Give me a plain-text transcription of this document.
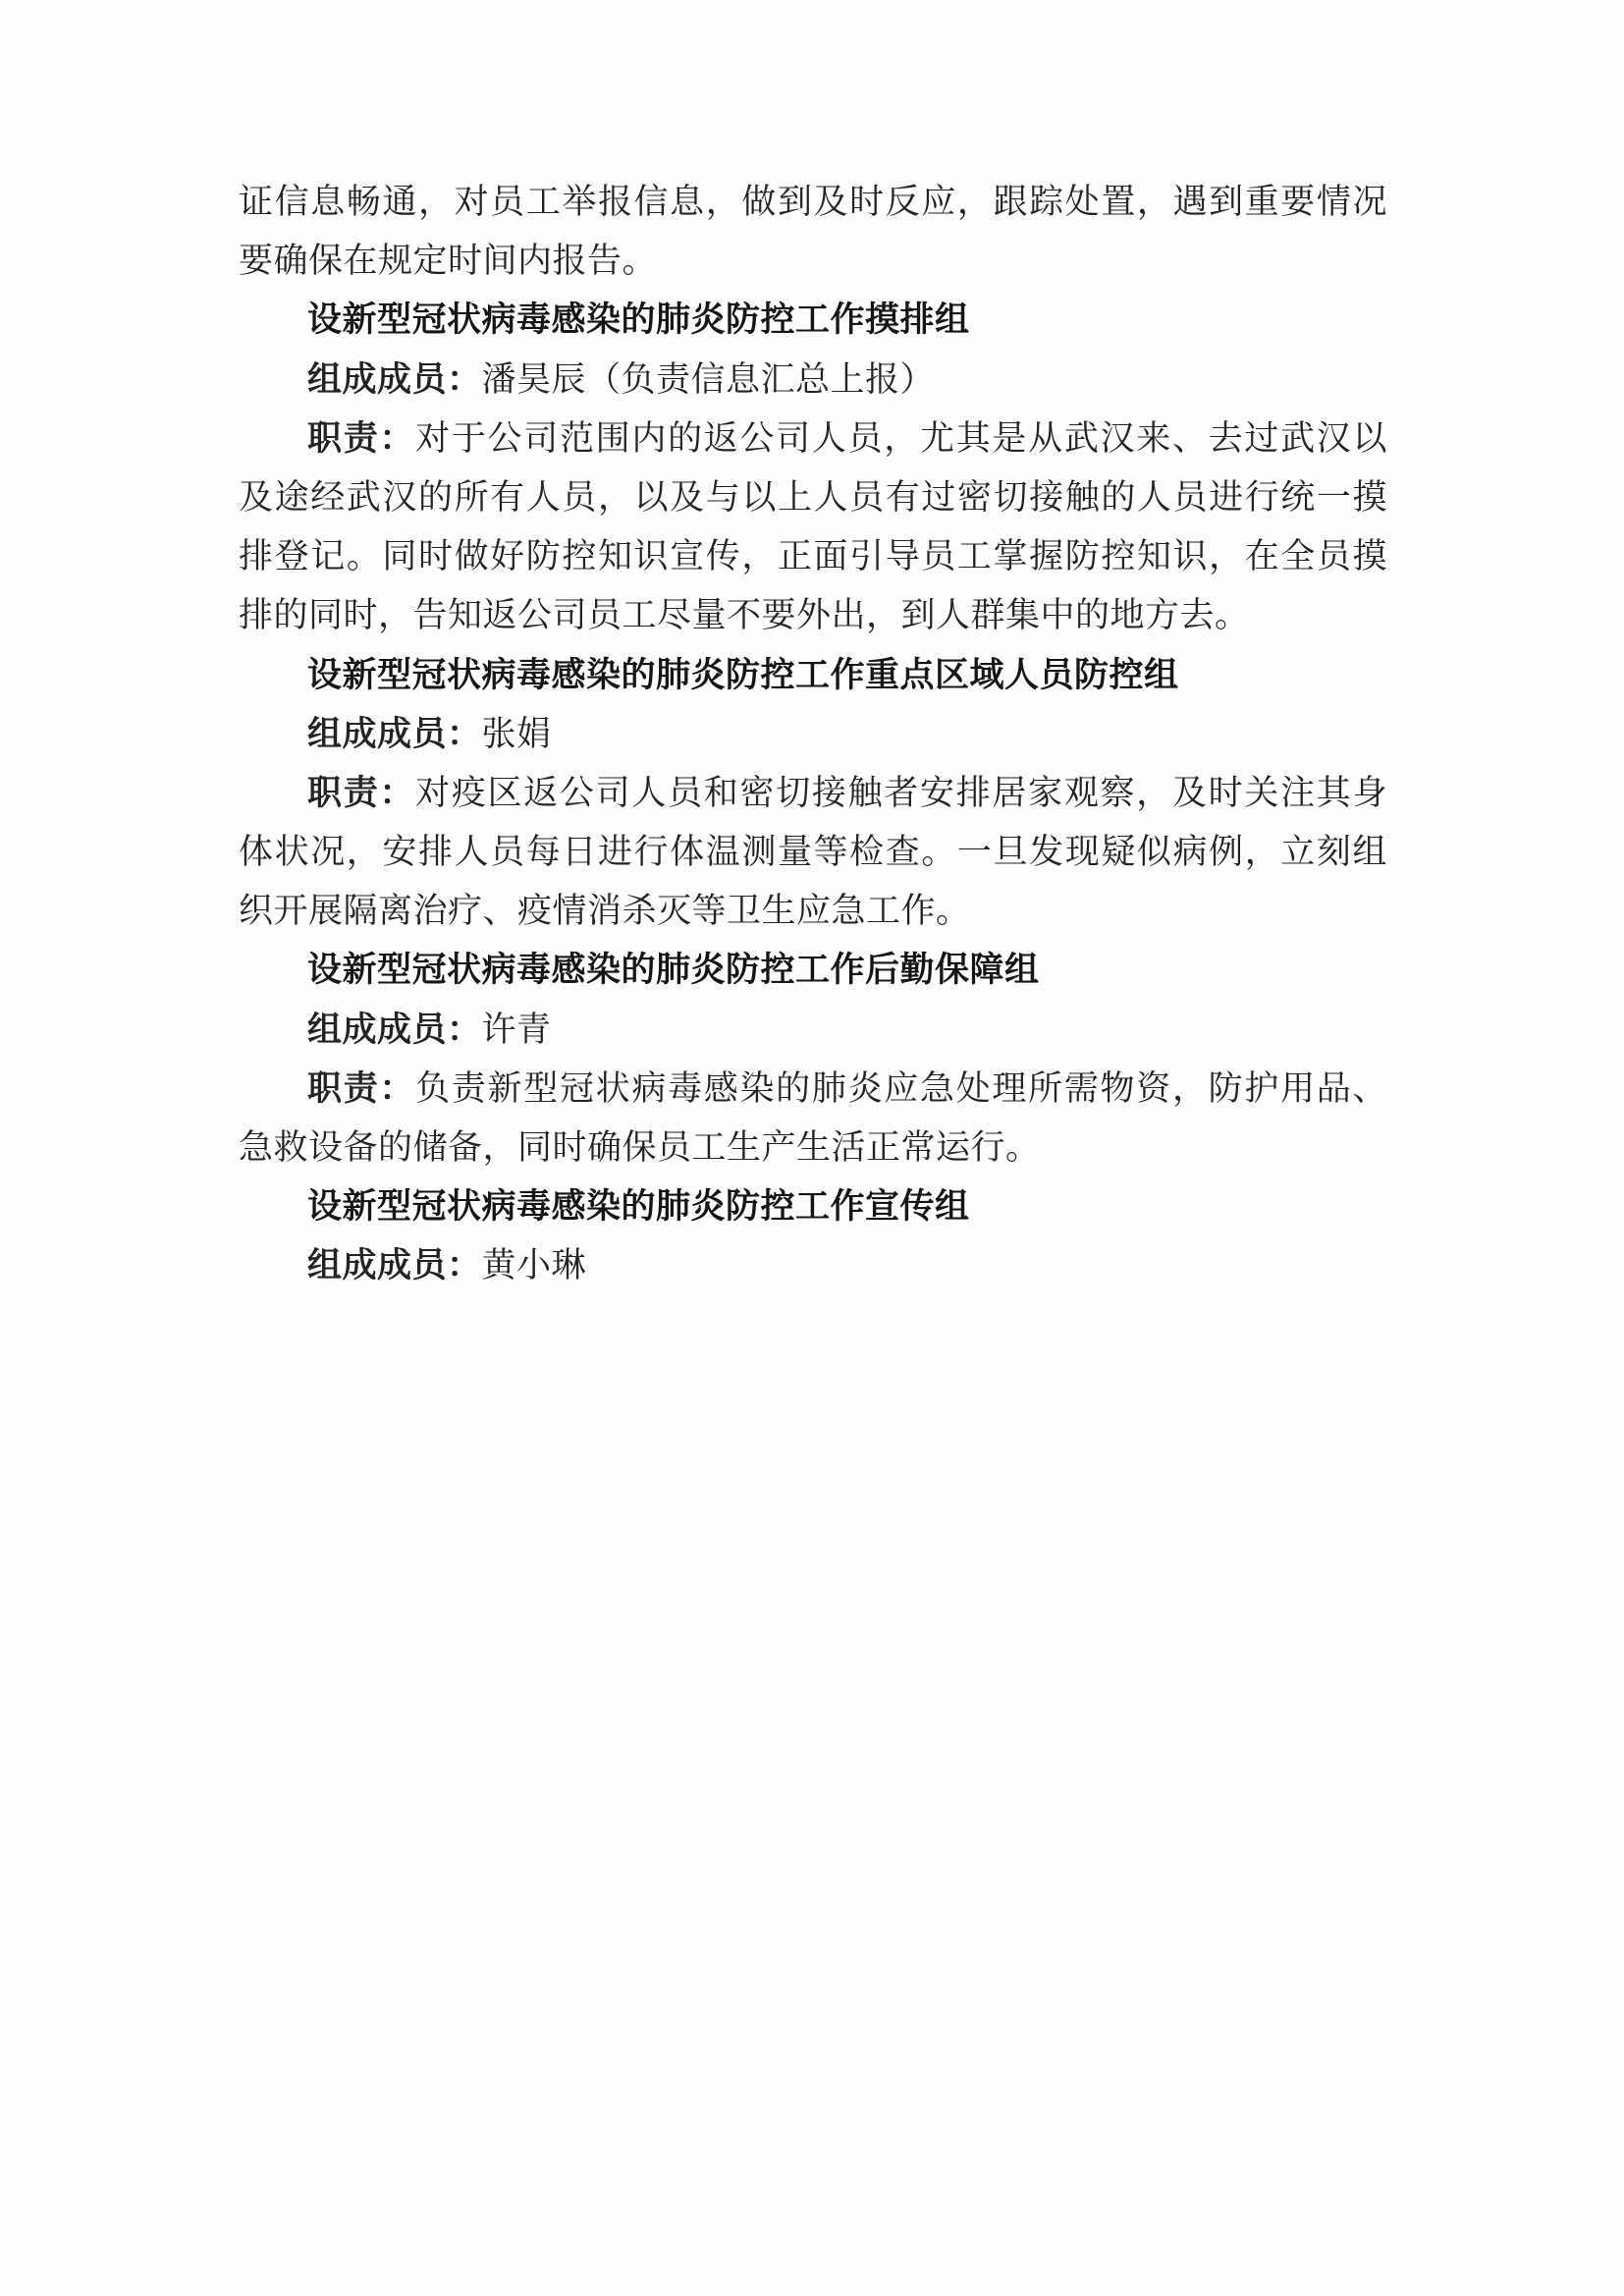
证信息畅通，对员工举报信息，做到及时反应，跟踪处置，遇到重要情况要确保在规定时间内报告。

设新型冠状病毒感染的肺炎防控工作摸排组

组成成员：潘昊辰（负责信息汇总上报）

职责：对于公司范围内的返公司人员，尤其是从武汉来、去过武汉以及途经武汉的所有人员，以及与以上人员有过密切接触的人员进行统一摸排登记。同时做好防控知识宣传，正面引导员工掌握防控知识，在全员摸排的同时，告知返公司员工尽量不要外出，到人群集中的地方去。

设新型冠状病毒感染的肺炎防控工作重点区域人员防控组

组成成员：张娟

职责：对疫区返公司人员和密切接触者安排居家观察，及时关注其身体状况，安排人员每日进行体温测量等检查。一旦发现疑似病例，立刻组织开展隔离治疗、疫情消杀灭等卫生应急工作。

设新型冠状病毒感染的肺炎防控工作后勤保障组

组成成员：许青

职责：负责新型冠状病毒感染的肺炎应急处理所需物资，防护用品、急救设备的储备，同时确保员工生产生活正常运行。

设新型冠状病毒感染的肺炎防控工作宣传组

组成成员：黄小琳
